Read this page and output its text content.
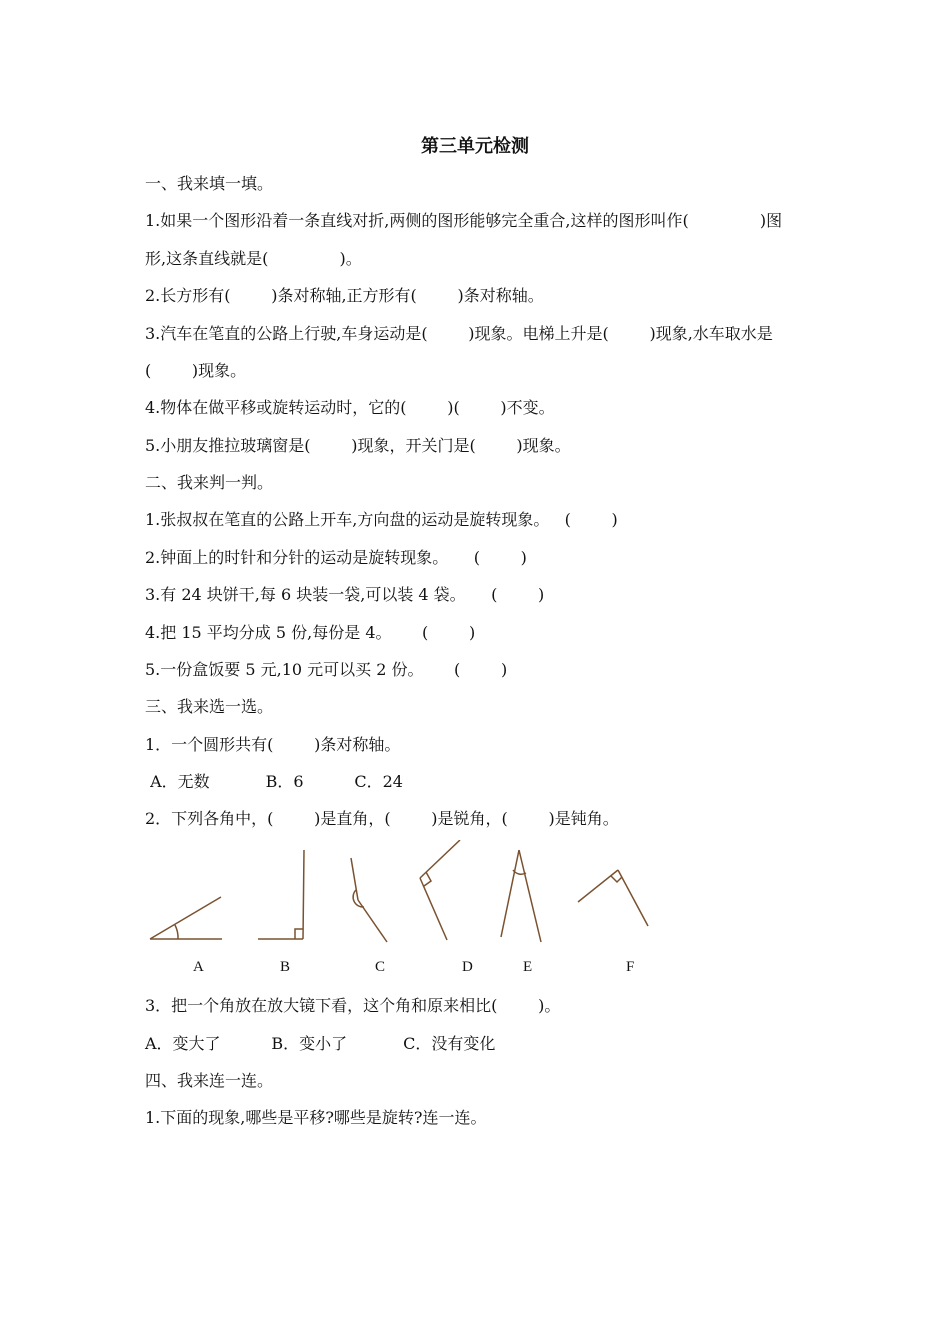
第三单元检测
一、我来填一填。
1.如果一个图形沿着一条直线对折,两侧的图形能够完全重合,这样的图形叫作(              )图
形,这条直线就是(              )。
2.长方形有(        )条对称轴,正方形有(        )条对称轴。
3.汽车在笔直的公路上行驶,车身运动是(        )现象。电梯上升是(        )现象,水车取水是
(        )现象。
4.物体在做平移或旋转运动时，它的(        )(        )不变。
5.小朋友推拉玻璃窗是(        )现象，开关门是(        )现象。
二、我来判一判。
1.张叔叔在笔直的公路上开车,方向盘的运动是旋转现象。   (        )
2.钟面上的时针和分针的运动是旋转现象。     (        )
3.有 24 块饼干,每 6 块装一袋,可以装 4 袋。     (        )
4.把 15 平均分成 5 份,每份是 4。      (        )
5.一份盒饭要 5 元,10 元可以买 2 份。      (        )
三、我来选一选。
1．一个圆形共有(        )条对称轴。
A．无数           B．6          C．24
2．下列各角中，(        )是直角，(        )是锐角，(        )是钝角。
A	B	C	D	E	F
3．把一个角放在放大镜下看，这个角和原来相比(        )。
A．变大了          B．变小了           C．没有变化
四、我来连一连。
1.下面的现象,哪些是平移?哪些是旋转?连一连。
